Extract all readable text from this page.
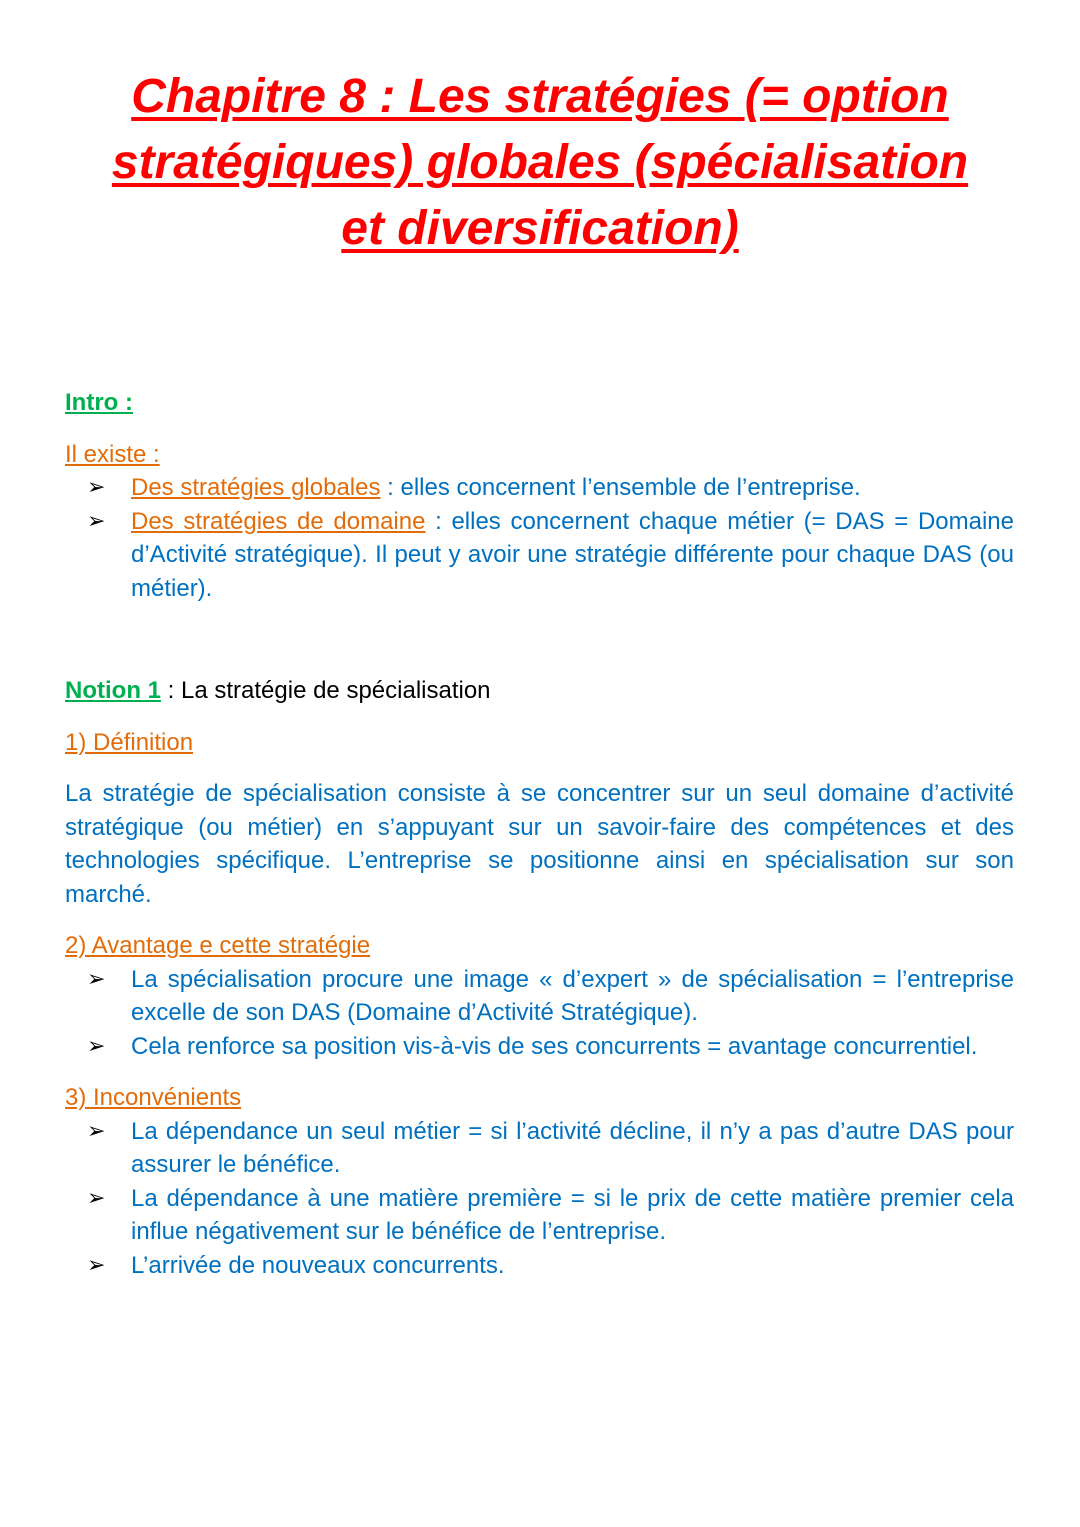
Chapitre 8 : Les stratégies (= option
stratégiques) globales (spécialisation
et diversification)

Intro :

Il existe :

➢ Des stratégies globales : elles concernent l’ensemble de l’entreprise.
➢ Des stratégies de domaine : elles concernent chaque métier (= DAS = Domaine d’Activité stratégique). Il peut y avoir une stratégie différente pour chaque DAS (ou métier).

Notion 1 : La stratégie de spécialisation

1) Définition

La stratégie de spécialisation consiste à se concentrer sur un seul domaine d’activité stratégique (ou métier) en s’appuyant sur un savoir-faire des compétences et des technologies spécifique. L’entreprise se positionne ainsi en spécialisation sur son marché.

2) Avantage e cette stratégie

➢ La spécialisation procure une image « d’expert » de spécialisation = l’entreprise excelle de son DAS (Domaine d’Activité Stratégique).
➢ Cela renforce sa position vis-à-vis de ses concurrents = avantage concurrentiel.

3) Inconvénients

➢ La dépendance un seul métier = si l’activité décline, il n’y a pas d’autre DAS pour assurer le bénéfice.
➢ La dépendance à une matière première = si le prix de cette matière premier cela influe négativement sur le bénéfice de l’entreprise.
➢ L’arrivée de nouveaux concurrents.
